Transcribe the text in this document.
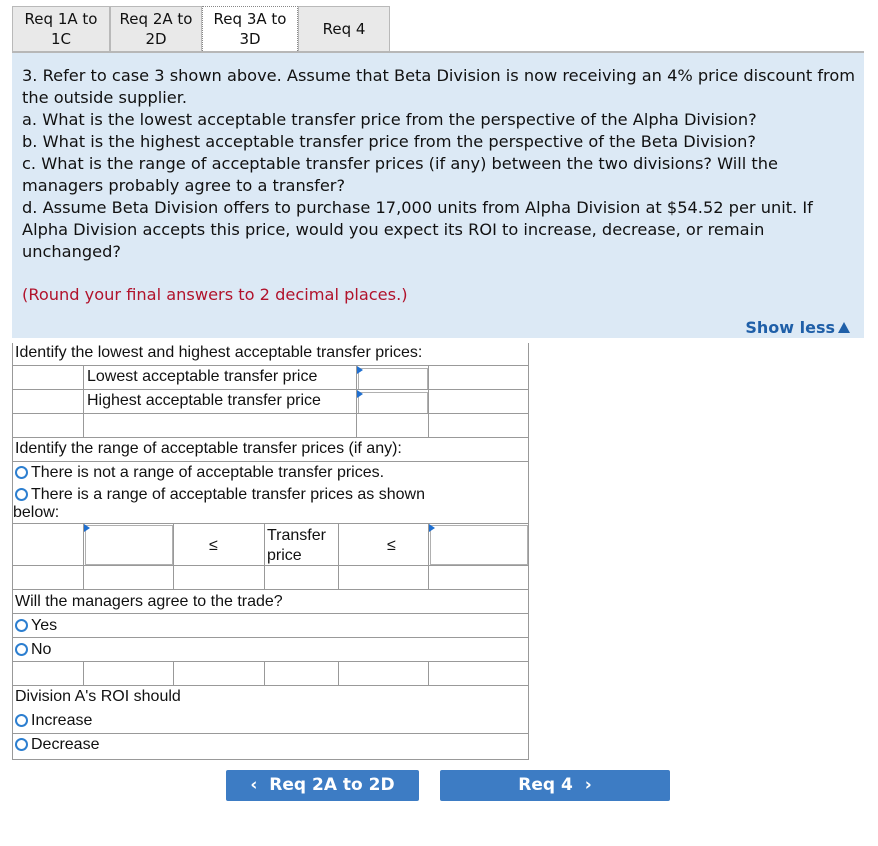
Req 1A to
1C
Req 2A to
2D
Req 3A to
3D
Req 4

3. Refer to case 3 shown above. Assume that Beta Division is now receiving an 4% price discount from the outside supplier.

a. What is the lowest acceptable transfer price from the perspective of the Alpha Division?

b. What is the highest acceptable transfer price from the perspective of the Beta Division?

c. What is the range of acceptable transfer prices (if any) between the two divisions? Will the managers probably agree to a transfer?

d. Assume Beta Division offers to purchase 17,000 units from Alpha Division at $54.52 per unit. If Alpha Division accepts this price, would you expect its ROI to increase, decrease, or remain unchanged?

(Round your final answers to 2 decimal places.)
Show less
Identify the lowest and highest acceptable transfer prices:
Lowest acceptable transfer price
Highest acceptable transfer price
Identify the range of acceptable transfer prices (if any):
There is not a range of acceptable transfer prices.
There is a range of acceptable transfer prices as shown
below:
≤
Transfer
price
≤
Will the managers agree to the trade?
Yes
No
Division A's ROI should
Increase
Decrease
‹ Req 2A to 2D	Req 4 ›
